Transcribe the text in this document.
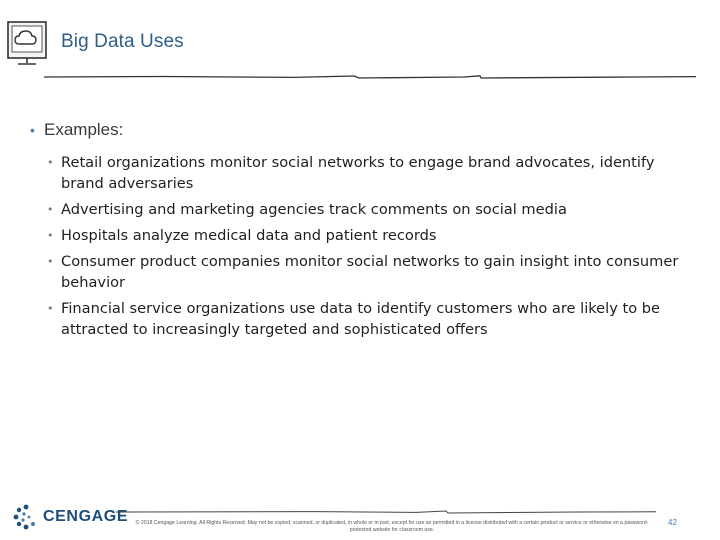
Big Data Uses

• Examples:

• Retail organizations monitor social networks to engage brand advocates, identify brand adversaries
• Advertising and marketing agencies track comments on social media
• Hospitals analyze medical data and patient records
• Consumer product companies monitor social networks to gain insight into consumer behavior
• Financial service organizations use data to identify customers who are likely to be attracted to increasingly targeted and sophisticated offers
CENGAGE	© 2018 Cengage Learning. All Rights Reserved. May not be copied, scanned, or duplicated, in whole or in part, except for use as permitted in a license distributed with a certain product or service or otherwise on a password-protected website for classroom use.
42
